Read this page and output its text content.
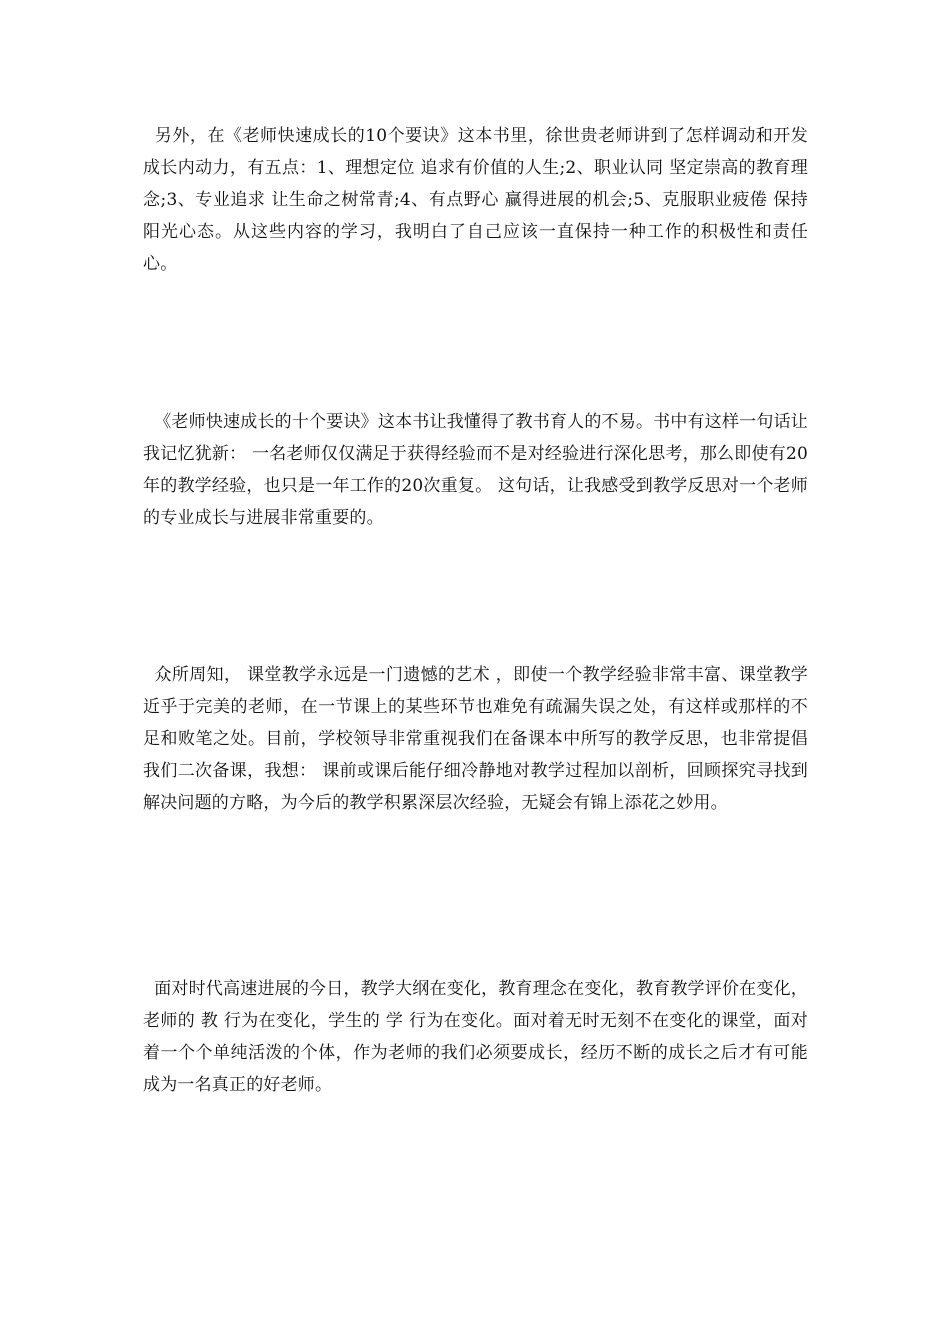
另外，在《老师快速成长的10个要诀》这本书里，徐世贵老师讲到了怎样调动和开发成长内动力，有五点：1、理想定位 追求有价值的人生;2、职业认同 坚定崇高的教育理念;3、专业追求 让生命之树常青;4、有点野心 赢得进展的机会;5、克服职业疲倦 保持阳光心态。从这些内容的学习，我明白了自己应该一直保持一种工作的积极性和责任心。

《老师快速成长的十个要诀》这本书让我懂得了教书育人的不易。书中有这样一句话让我记忆犹新： 一名老师仅仅满足于获得经验而不是对经验进行深化思考，那么即使有20年的教学经验，也只是一年工作的20次重复。 这句话，让我感受到教学反思对一个老师的专业成长与进展非常重要的。

众所周知， 课堂教学永远是一门遗憾的艺术 ，即使一个教学经验非常丰富、课堂教学近乎于完美的老师，在一节课上的某些环节也难免有疏漏失误之处，有这样或那样的不足和败笔之处。目前，学校领导非常重视我们在备课本中所写的教学反思，也非常提倡我们二次备课，我想： 课前或课后能仔细冷静地对教学过程加以剖析，回顾探究寻找到解决问题的方略，为今后的教学积累深层次经验，无疑会有锦上添花之妙用。

面对时代高速进展的今日，教学大纲在变化，教育理念在变化，教育教学评价在变化，老师的 教 行为在变化，学生的 学 行为在变化。面对着无时无刻不在变化的课堂，面对着一个个单纯活泼的个体，作为老师的我们必须要成长，经历不断的成长之后才有可能成为一名真正的好老师。
